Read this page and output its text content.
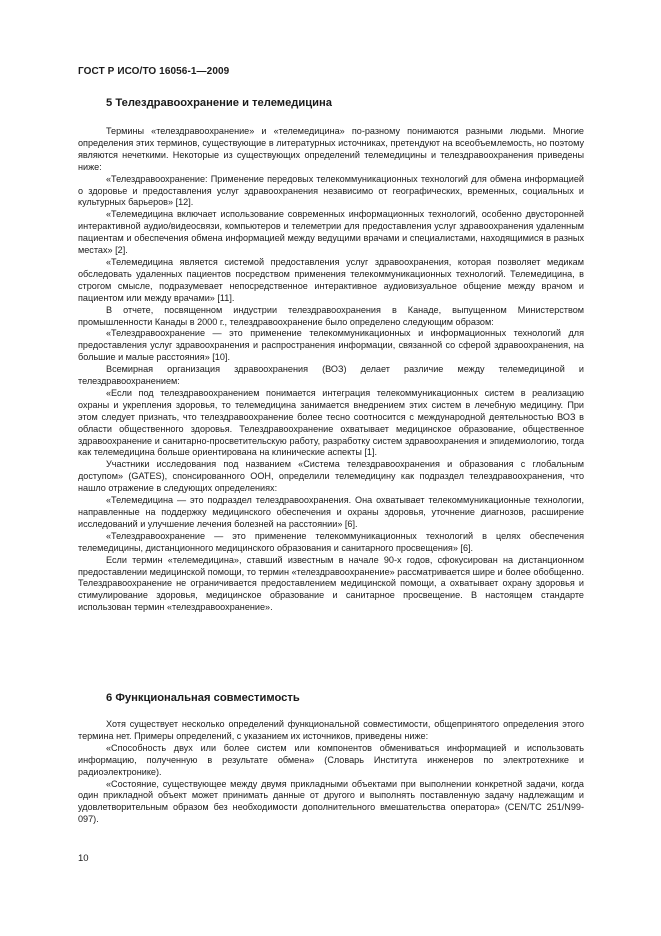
ГОСТ Р ИСО/ТО 16056-1—2009
5 Телездравоохранение и телемедицина

Термины «телездравоохранение» и «телемедицина» по-разному понимаются разными людьми. Многие определения этих терминов, существующие в литературных источниках, претендуют на всеобъемлемость, но поэтому являются нечеткими. Некоторые из существующих определений телемедицины и телездравоохранения приведены ниже:

«Телездравоохранение: Применение передовых телекоммуникационных технологий для обмена информацией о здоровье и предоставления услуг здравоохранения независимо от географических, временных, социальных и культурных барьеров» [12].

«Телемедицина включает использование современных информационных технологий, особенно двусторонней интерактивной аудио/видеосвязи, компьютеров и телеметрии для предоставления услуг здравоохранения удаленным пациентам и обеспечения обмена информацией между ведущими врачами и специалистами, находящимися в разных местах» [2].

«Телемедицина является системой предоставления услуг здравоохранения, которая позволяет медикам обследовать удаленных пациентов посредством применения телекоммуникационных технологий. Телемедицина, в строгом смысле, подразумевает непосредственное интерактивное аудиовизуальное общение между врачом и пациентом или между врачами» [11].

В отчете, посвященном индустрии телездравоохранения в Канаде, выпущенном Министерством промышленности Канады в 2000 г., телездравоохранение было определено следующим образом:

«Телездравоохранение — это применение телекоммуникационных и информационных технологий для предоставления услуг здравоохранения и распространения информации, связанной со сферой здравоохранения, на большие и малые расстояния» [10].

Всемирная организация здравоохранения (ВОЗ) делает различие между телемедициной и телездравоохранением:

«Если под телездравоохранением понимается интеграция телекоммуникационных систем в реализацию охраны и укрепления здоровья, то телемедицина занимается внедрением этих систем в лечебную медицину. При этом следует признать, что телездравоохранение более тесно соотносится с международной деятельностью ВОЗ в области общественного здоровья. Телездравоохранение охватывает медицинское образование, общественное здравоохранение и санитарно-просветительскую работу, разработку систем здравоохранения и эпидемиологию, тогда как телемедицина больше ориентирована на клинические аспекты [1].

Участники исследования под названием «Система телездравоохранения и образования с глобальным доступом» (GATES), спонсированного ООН, определили телемедицину как подраздел телездравоохранения, что нашло отражение в следующих определениях:

«Телемедицина — это подраздел телездравоохранения. Она охватывает телекоммуникационные технологии, направленные на поддержку медицинского обеспечения и охраны здоровья, уточнение диагнозов, расширение исследований и улучшение лечения болезней на расстоянии» [6].

«Телездравоохранение — это применение телекоммуникационных технологий в целях обеспечения телемедицины, дистанционного медицинского образования и санитарного просвещения» [6].

Если термин «телемедицина», ставший известным в начале 90-х годов, сфокусирован на дистанционном предоставлении медицинской помощи, то термин «телездравоохранение» рассматривается шире и более обобщенно. Телездравоохранение не ограничивается предоставлением медицинской помощи, а охватывает охрану здоровья и стимулирование здоровья, медицинское образование и санитарное просвещение. В настоящем стандарте использован термин «телездравоохранение».

6 Функциональная совместимость

Хотя существует несколько определений функциональной совместимости, общепринятого определения этого термина нет. Примеры определений, с указанием их источников, приведены ниже:

«Способность двух или более систем или компонентов обмениваться информацией и использовать информацию, полученную в результате обмена» (Словарь Института инженеров по электротехнике и радиоэлектронике).

«Состояние, существующее между двумя прикладными объектами при выполнении конкретной задачи, когда один прикладной объект может принимать данные от другого и выполнять поставленную задачу надлежащим и удовлетворительным образом без необходимости дополнительного вмешательства оператора» (CEN/TC 251/N99-097).

10
